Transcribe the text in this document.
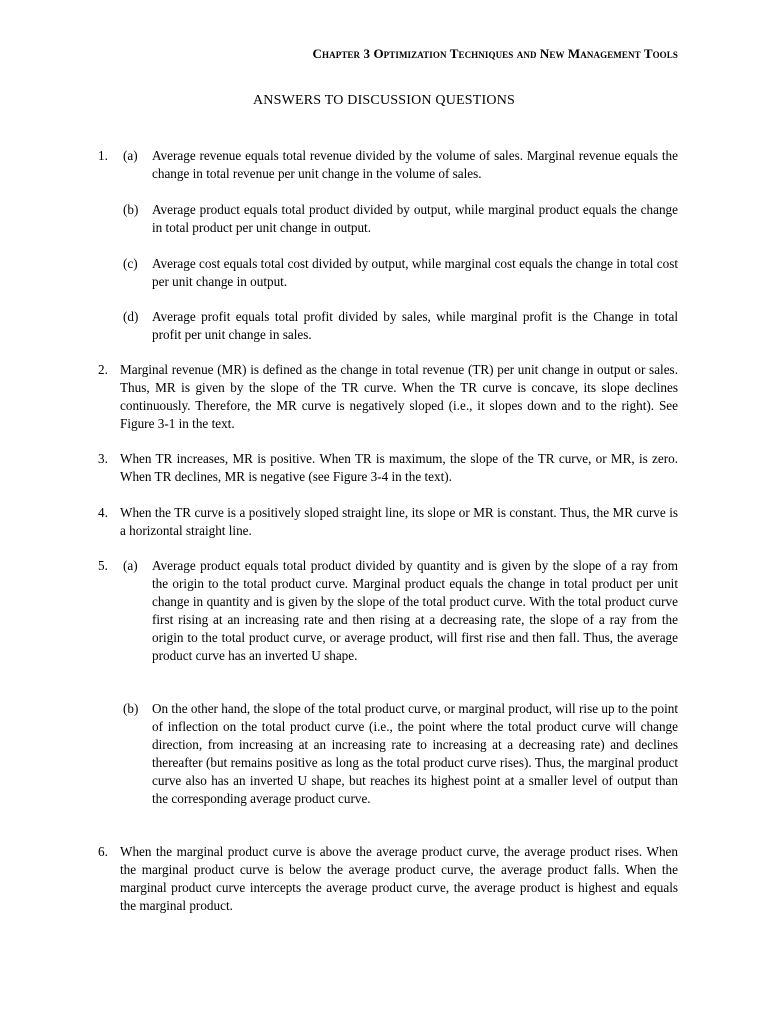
Chapter 3 Optimization Techniques and New Management Tools
ANSWERS TO DISCUSSION QUESTIONS
1.	(a)	Average revenue equals total revenue divided by the volume of sales. Marginal revenue equals the change in total revenue per unit change in the volume of sales.
(b)	Average product equals total product divided by output, while marginal product equals the change in total product per unit change in output.
(c)	Average cost equals total cost divided by output, while marginal cost equals the change in total cost per unit change in output.
(d)	Average profit equals total profit divided by sales, while marginal profit is the Change in total profit per unit change in sales.
2. Marginal revenue (MR) is defined as the change in total revenue (TR) per unit change in output or sales. Thus, MR is given by the slope of the TR curve. When the TR curve is concave, its slope declines continuously. Therefore, the MR curve is negatively sloped (i.e., it slopes down and to the right). See Figure 3-1 in the text.
3. When TR increases, MR is positive. When TR is maximum, the slope of the TR curve, or MR, is zero. When TR declines, MR is negative (see Figure 3-4 in the text).
4. When the TR curve is a positively sloped straight line, its slope or MR is constant. Thus, the MR curve is a horizontal straight line.
5.	(a)	Average product equals total product divided by quantity and is given by the slope of a ray from the origin to the total product curve. Marginal product equals the change in total product per unit change in quantity and is given by the slope of the total product curve. With the total product curve first rising at an increasing rate and then rising at a decreasing rate, the slope of a ray from the origin to the total product curve, or average product, will first rise and then fall. Thus, the average product curve has an inverted U shape.
(b)	On the other hand, the slope of the total product curve, or marginal product, will rise up to the point of inflection on the total product curve (i.e., the point where the total product curve will change direction, from increasing at an increasing rate to increasing at a decreasing rate) and declines thereafter (but remains positive as long as the total product curve rises). Thus, the marginal product curve also has an inverted U shape, but reaches its highest point at a smaller level of output than the corresponding average product curve.
6. When the marginal product curve is above the average product curve, the average product rises. When the marginal product curve is below the average product curve, the average product falls. When the marginal product curve intercepts the average product curve, the average product is highest and equals the marginal product.
